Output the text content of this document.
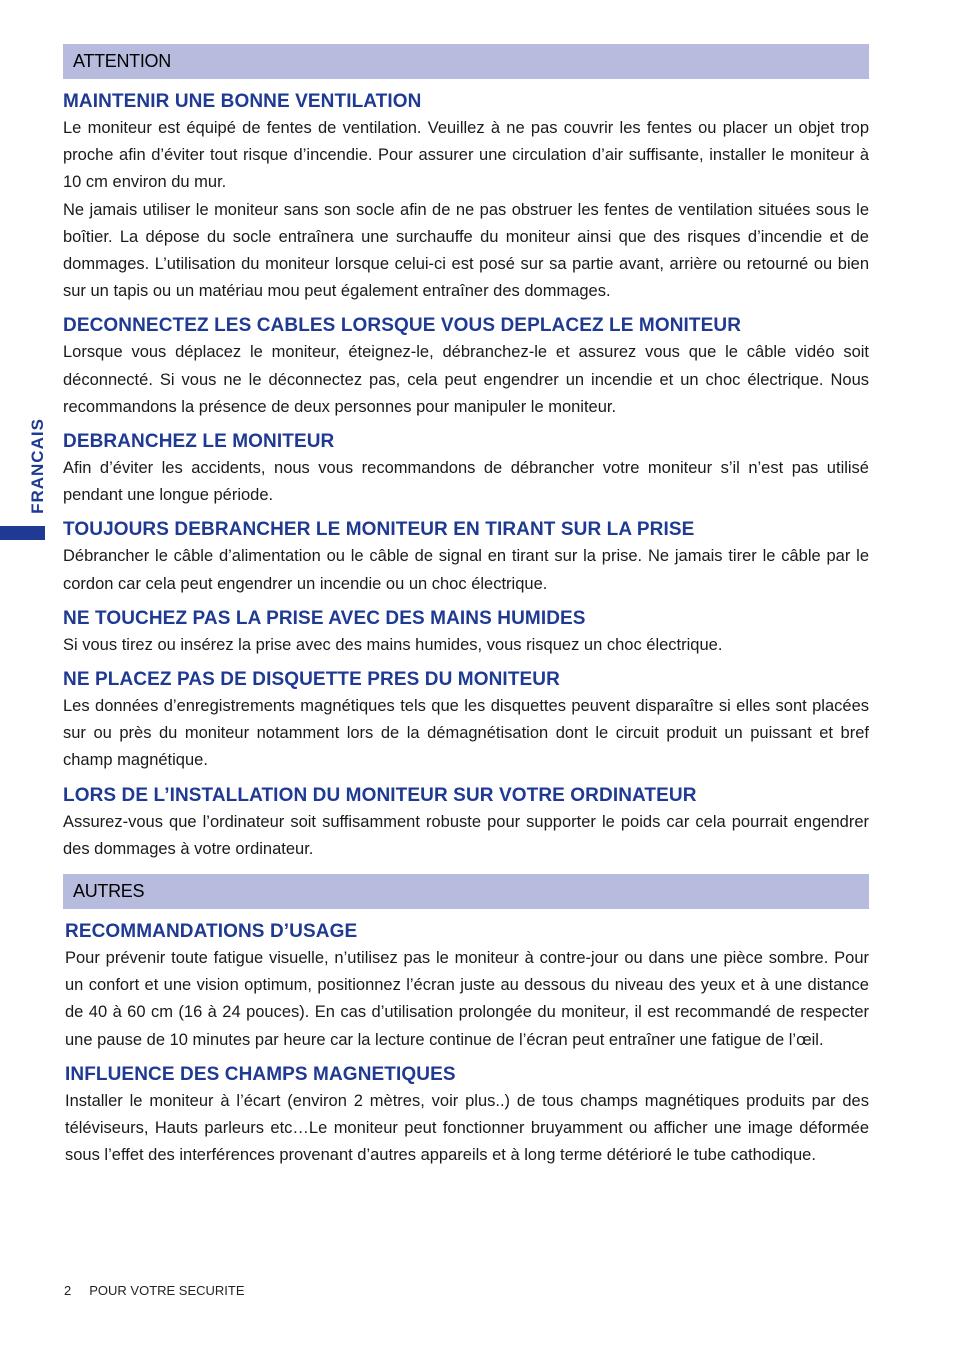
FRANCAIS
ATTENTION
MAINTENIR UNE BONNE VENTILATION

Le moniteur est équipé de fentes de ventilation. Veuillez à ne pas couvrir les fentes ou placer un objet trop proche afin d’éviter tout risque d’incendie. Pour assurer une circulation d’air suffisante, installer le moniteur à 10 cm environ du mur.

Ne jamais utiliser le moniteur sans son socle afin de ne pas obstruer les fentes de ventilation situées sous le boîtier. La dépose du socle entraînera une surchauffe du moniteur ainsi que des risques d’incendie et de dommages. L’utilisation du moniteur lorsque celui-ci est posé sur sa partie avant, arrière ou retourné ou bien sur un tapis ou un matériau mou peut également entraîner des dommages.

DECONNECTEZ LES CABLES LORSQUE VOUS DEPLACEZ LE MONITEUR

Lorsque vous déplacez le moniteur, éteignez-le, débranchez-le et assurez vous que le câble vidéo soit déconnecté. Si vous ne le déconnectez pas, cela peut engendrer un incendie et un choc électrique. Nous recommandons la présence de deux personnes pour manipuler le moniteur.

DEBRANCHEZ LE MONITEUR

Afin d’éviter les accidents, nous vous recommandons de débrancher votre moniteur s’il n’est pas utilisé pendant une longue période.

TOUJOURS DEBRANCHER LE MONITEUR EN TIRANT SUR LA PRISE

Débrancher le câble d’alimentation ou le câble de signal en tirant sur la prise. Ne jamais tirer le câble par le cordon car cela peut engendrer un incendie ou un choc électrique.

NE TOUCHEZ PAS LA PRISE AVEC DES MAINS HUMIDES

Si vous tirez ou insérez la prise avec des mains humides, vous risquez un choc électrique.

NE PLACEZ PAS DE DISQUETTE PRES DU MONITEUR

Les données d’enregistrements magnétiques tels que les disquettes peuvent disparaître si elles sont placées sur ou près du moniteur notamment lors de la démagnétisation dont le circuit produit un puissant et bref champ magnétique.

LORS DE L’INSTALLATION DU MONITEUR SUR VOTRE ORDINATEUR

Assurez-vous que l’ordinateur soit suffisamment robuste pour supporter le poids car cela pourrait engendrer des dommages à votre ordinateur.

AUTRES
RECOMMANDATIONS D’USAGE

Pour prévenir toute fatigue visuelle, n’utilisez pas le moniteur à contre-jour ou dans une pièce sombre. Pour un confort et une vision optimum, positionnez l’écran juste au dessous du niveau des yeux et à une distance de 40 à 60 cm (16 à 24 pouces). En cas d’utilisation prolongée du moniteur, il est recommandé de respecter une pause de 10 minutes par heure car la lecture continue de l’écran peut entraîner une fatigue de l’œil.

INFLUENCE DES CHAMPS MAGNETIQUES

Installer le moniteur à l’écart (environ 2 mètres, voir plus..) de tous champs magnétiques produits par des téléviseurs, Hauts parleurs etc…Le moniteur peut fonctionner bruyamment ou afficher une image déformée sous l’effet des interférences provenant d’autres appareils et à long terme détérioré le tube cathodique.

2 POUR VOTRE SECURITE
